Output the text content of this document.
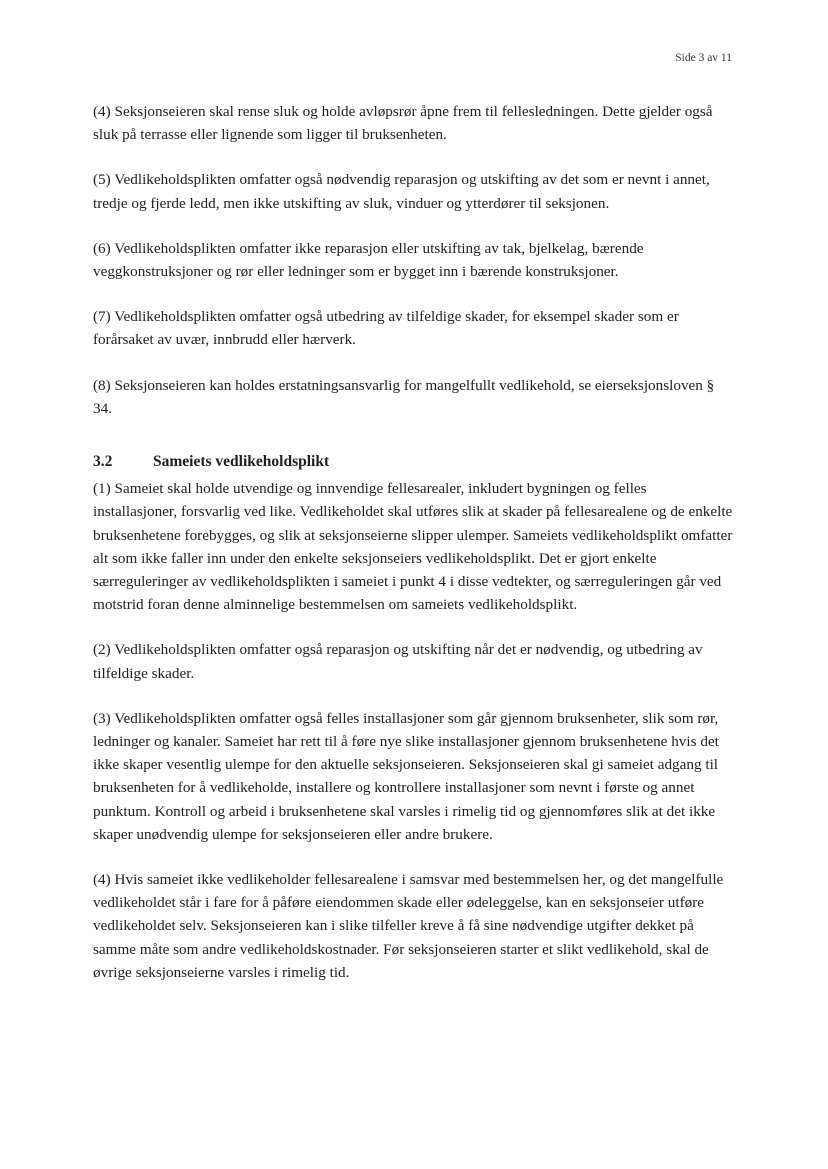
Side 3 av 11

(4) Seksjonseieren skal rense sluk og holde avløpsrør åpne frem til fellesledningen. Dette gjelder også sluk på terrasse eller lignende som ligger til bruksenheten.

(5) Vedlikeholdsplikten omfatter også nødvendig reparasjon og utskifting av det som er nevnt i annet, tredje og fjerde ledd, men ikke utskifting av sluk, vinduer og ytterdører til seksjonen.

(6) Vedlikeholdsplikten omfatter ikke reparasjon eller utskifting av tak, bjelkelag, bærende veggkonstruksjoner og rør eller ledninger som er bygget inn i bærende konstruksjoner.

(7) Vedlikeholdsplikten omfatter også utbedring av tilfeldige skader, for eksempel skader som er forårsaket av uvær, innbrudd eller hærverk.

(8) Seksjonseieren kan holdes erstatningsansvarlig for mangelfullt vedlikehold, se eierseksjonsloven § 34.

3.2	Sameiets vedlikeholdsplikt

(1) Sameiet skal holde utvendige og innvendige fellesarealer, inkludert bygningen og felles installasjoner, forsvarlig ved like. Vedlikeholdet skal utføres slik at skader på fellesarealene og de enkelte bruksenhetene forebygges, og slik at seksjonseierne slipper ulemper. Sameiets vedlikeholdsplikt omfatter alt som ikke faller inn under den enkelte seksjonseiers vedlikeholdsplikt. Det er gjort enkelte særreguleringer av vedlikeholdsplikten i sameiet i punkt 4 i disse vedtekter, og særreguleringen går ved motstrid foran denne alminnelige bestemmelsen om sameiets vedlikeholdsplikt.

(2) Vedlikeholdsplikten omfatter også reparasjon og utskifting når det er nødvendig, og utbedring av tilfeldige skader.

(3) Vedlikeholdsplikten omfatter også felles installasjoner som går gjennom bruksenheter, slik som rør, ledninger og kanaler. Sameiet har rett til å føre nye slike installasjoner gjennom bruksenhetene hvis det ikke skaper vesentlig ulempe for den aktuelle seksjonseieren. Seksjonseieren skal gi sameiet adgang til bruksenheten for å vedlikeholde, installere og kontrollere installasjoner som nevnt i første og annet punktum. Kontroll og arbeid i bruksenhetene skal varsles i rimelig tid og gjennomføres slik at det ikke skaper unødvendig ulempe for seksjonseieren eller andre brukere.

(4) Hvis sameiet ikke vedlikeholder fellesarealene i samsvar med bestemmelsen her, og det mangelfulle vedlikeholdet står i fare for å påføre eiendommen skade eller ødeleggelse, kan en seksjonseier utføre vedlikeholdet selv. Seksjonseieren kan i slike tilfeller kreve å få sine nødvendige utgifter dekket på samme måte som andre vedlikeholdskostnader. Før seksjonseieren starter et slikt vedlikehold, skal de øvrige seksjonseierne varsles i rimelig tid.
